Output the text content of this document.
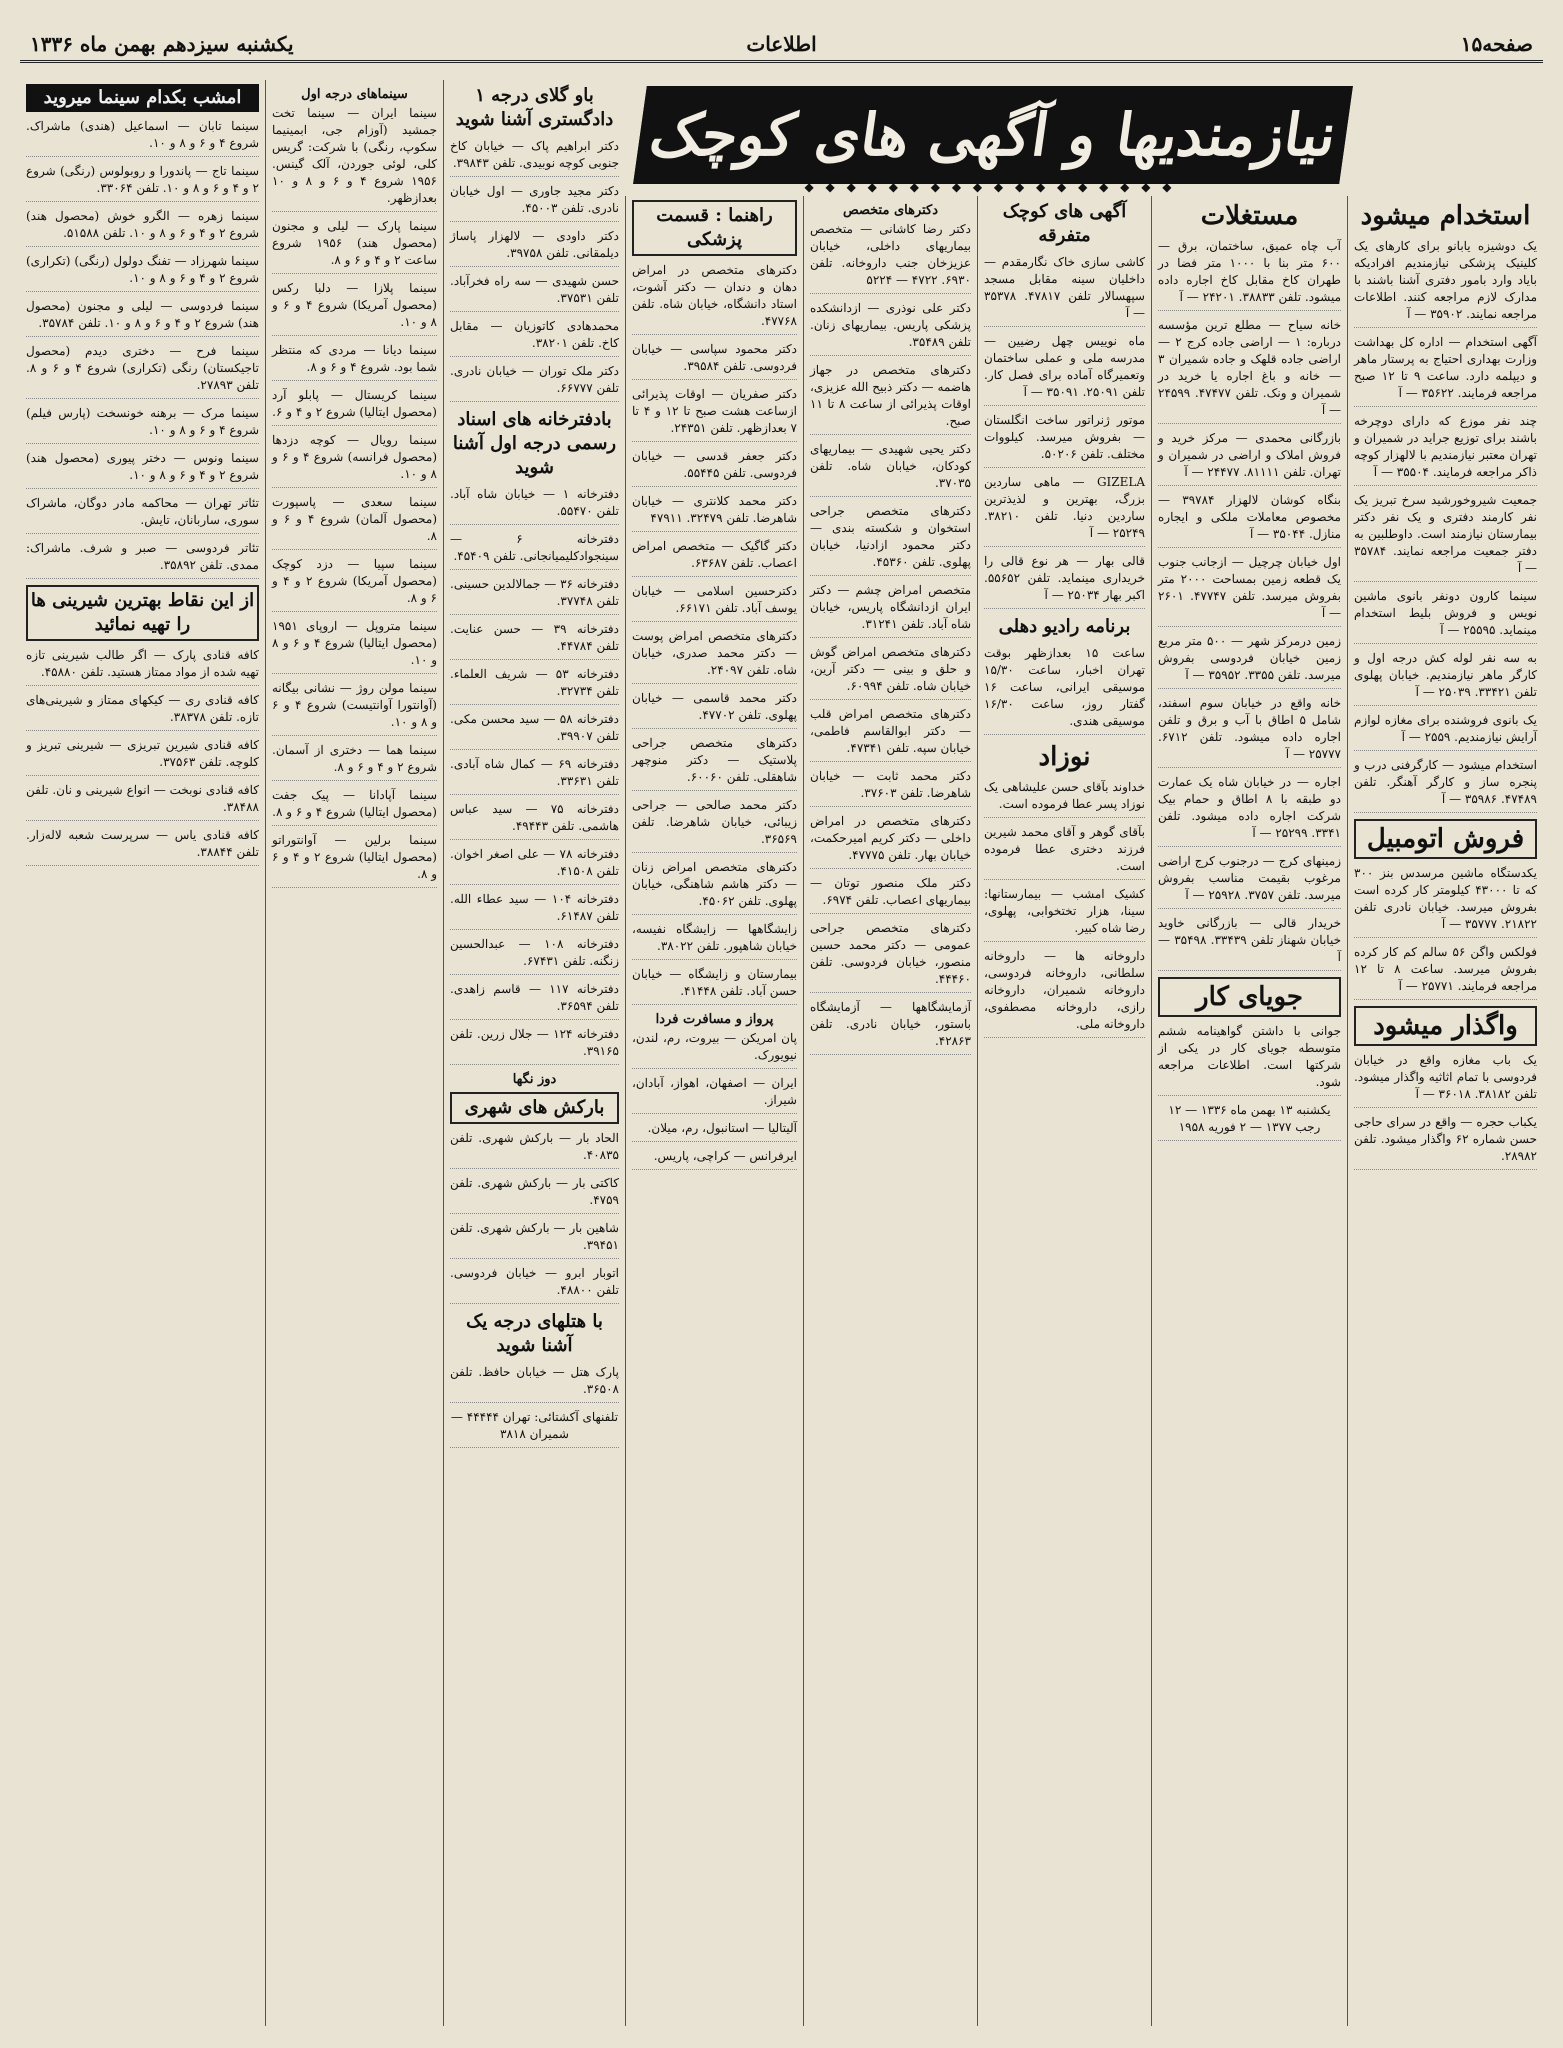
صفحه۱۵
اطلاعات
یکشنبه سیزدهم بهمن ماه ۱۳۳۶
نیازمندیها و آگهی های کوچک
◆ ◆ ◆ ◆ ◆ ◆ ◆ ◆ ◆ ◆ ◆ ◆ ◆ ◆ ◆ ◆ ◆ ◆
استخدام میشود
یک دوشیزه یابانو برای کارهای یک کلینیک پزشکی نیازمندیم افرادیکه بایاد وارد بامور دفتری آشنا باشند با مدارک لازم مراجعه کنند. اطلاعات مراجعه نمایند. ۳۵۹۰۲ — آ
آگهی استخدام — اداره کل بهداشت وزارت بهداری احتیاج به پرستار ماهر و دیپلمه دارد. ساعت ۹ تا ۱۲ صبح مراجعه فرمایند. ۳۵۶۲۲ — آ
چند نفر موزع که دارای دوچرخه باشند برای توزیع جراید در شمیران و تهران معتبر نیازمندیم با لالهزار کوچه ذاکر مراجعه فرمایند. ۳۵۵۰۴ — آ
جمعیت شیروخورشید سرخ تبریز یک نفر کارمند دفتری و یک نفر دکتر بیمارستان نیازمند است. داوطلبین به دفتر جمعیت مراجعه نمایند. ۳۵۷۸۴ — آ
سینما کارون دونفر بانوی ماشین نویس و فروش بلیط استخدام مینماید. ۲۵۵۹۵ — آ
به سه نفر لوله کش درجه اول و کارگر ماهر نیازمندیم. خیابان پهلوی تلفن ۳۳۴۲۱. ۲۵۰۳۹ — آ
یک بانوی فروشنده برای مغازه لوازم آرایش نیازمندیم. ۲۵۵۹ — آ
استخدام میشود — کارگرفنی درب و پنجره ساز و کارگر آهنگر. تلفن ۴۷۴۸۹. ۳۵۹۸۶ — آ
فروش اتومبیل
یکدستگاه ماشین مرسدس بنز ۳۰۰ که تا ۴۳۰۰۰ کیلومتر کار کرده است بفروش میرسد. خیابان نادری تلفن ۲۱۸۲۲. ۳۵۷۷۷ — آ
فولکس واگن ۵۶ سالم کم کار کرده بفروش میرسد. ساعت ۸ تا ۱۲ مراجعه فرمایند. ۲۵۷۷۱ — آ
واگذار میشود
یک باب مغازه واقع در خیابان فردوسی با تمام اثاثیه واگذار میشود. تلفن ۳۸۱۸۲. ۳۶۰۱۸ — آ
یکباب حجره — واقع در سرای حاجی حسن شماره ۶۲ واگذار میشود. تلفن ۲۸۹۸۲.
مستغلات
آب چاه عمیق، ساختمان، برق — ۶۰۰ متر بنا با ۱۰۰۰ متر فضا در طهران کاخ مقابل کاخ اجاره داده میشود. تلفن ۳۸۸۳۳. ۲۴۲۰۱ — آ
خانه سیاح — مطلع ترین مؤسسه درباره: ۱ — اراضی جاده کرج ۲ — اراضی جاده قلهک و جاده شمیران ۳ — خانه و باغ اجاره یا خرید در شمیران و ونک. تلفن ۴۷۴۷۷. ۲۴۵۹۹ — آ
بازرگانی محمدی — مرکز خرید و فروش املاک و اراضی در شمیران و تهران. تلفن ۸۱۱۱۱. ۲۴۴۷۷ — آ
بنگاه کوشان لالهزار ۳۹۷۸۴ — مخصوص معاملات ملکی و ایجاره منازل. ۳۵۰۴۴ — آ
اول خیابان چرچیل — ازجانب جنوب یک قطعه زمین بمساحت ۲۰۰۰ متر بفروش میرسد. تلفن ۴۷۷۴۷. ۲۶۰۱ — آ
زمین درمرکز شهر — ۵۰۰ متر مربع زمین خیابان فردوسی بفروش میرسد. تلفن ۳۳۵۵. ۳۵۹۵۲ — آ
خانه واقع در خیابان سوم اسفند، شامل ۵ اطاق با آب و برق و تلفن اجاره داده میشود. تلفن ۶۷۱۲. ۲۵۷۷۷ — آ
اجاره — در خیابان شاه یک عمارت دو طبقه با ۸ اطاق و حمام بیک شرکت اجاره داده میشود. تلفن ۳۳۴۱. ۲۵۲۹۹ — آ
زمینهای کرج — درجنوب کرج اراضی مرغوب بقیمت مناسب بفروش میرسد. تلفن ۳۷۵۷. ۲۵۹۲۸ — آ
خریدار قالی — بازرگانی خاوید خیابان شهناز تلفن ۳۳۴۳۹. ۳۵۴۹۸ — آ
جویای کار
جوانی با داشتن گواهینامه ششم متوسطه جویای کار در یکی از شرکتها است. اطلاعات مراجعه شود.
یکشنبه ۱۳ بهمن ماه ۱۳۳۶ — ۱۲ رجب ۱۳۷۷ — ۲ فوریه ۱۹۵۸
آگهی های کوچک متفرقه
کاشی سازی خاک نگارمقدم — داخلیان سینه مقابل مسجد سپهسالار تلفن ۴۷۸۱۷. ۳۵۳۷۸ — آ
ماه نوییس چهل رضیین — مدرسه ملی و عملی ساختمان وتعمیرگاه آماده برای فصل کار. تلفن ۲۵۰۹۱. ۳۵۰۹۱ — آ
موتور ژنراتور ساخت انگلستان — بفروش میرسد. کیلووات مختلف. تلفن ۵۰۲۰۶.
GIZELA — ماهی ساردین بزرگ، بهترین و لذیذترین ساردین دنیا. تلفن ۳۸۲۱۰. ۲۵۲۴۹ — آ
قالی بهار — هر نوع قالی را خریداری مینماید. تلفن ۵۵۶۵۲. اکبر بهار ۲۵۰۳۴ — آ
برنامه رادیو دهلی
ساعت ۱۵ بعدازظهر بوقت تهران اخبار، ساعت ۱۵/۳۰ موسیقی ایرانی، ساعت ۱۶ گفتار روز، ساعت ۱۶/۳۰ موسیقی هندی.
نوزاد
خداوند بآقای حسن علیشاهی یک نوزاد پسر عطا فرموده است.
بآقای گوهر و آقای محمد شیرین فرزند دختری عطا فرموده است.
کشیک امشب — بیمارستانها: سینا، هزار تختخوابی، پهلوی، رضا شاه کبیر.
داروخانه ها — داروخانه سلطانی، داروخانه فردوسی، داروخانه شمیران، داروخانه رازی، داروخانه مصطفوی، داروخانه ملی.
دکترهای متخصص
دکتر رضا کاشانی — متخصص بیماریهای داخلی، خیابان عزیزخان جنب داروخانه. تلفن ۶۹۳۰. ۴۷۲۲ — ۵۲۲۴
دکتر علی نوذری — ازدانشکده پزشکی پاریس. بیماریهای زنان. تلفن ۳۵۴۸۹.
دکترهای متخصص در جهاز هاضمه — دکتر ذبیح الله عزیزی، اوقات پذیرائی از ساعت ۸ تا ۱۱ صبح.
دکتر یحیی شهیدی — بیماریهای کودکان، خیابان شاه. تلفن ۳۷۰۳۵.
دکترهای متخصص جراحی استخوان و شکسته بندی — دکتر محمود ازادنیا، خیابان پهلوی. تلفن ۴۵۳۶۰.
متخصص امراض چشم — دکتر ایران ازدانشگاه پاریس، خیابان شاه آباد. تلفن ۳۱۲۴۱.
دکترهای متخصص امراض گوش و حلق و بینی — دکتر آرین، خیابان شاه. تلفن ۶۰۹۹۴.
دکترهای متخصص امراض قلب — دکتر ابوالقاسم فاطمی، خیابان سپه. تلفن ۴۷۳۴۱.
دکتر محمد ثابت — خیابان شاهرضا. تلفن ۳۷۶۰۳.
دکترهای متخصص در امراض داخلی — دکتر کریم امیرحکمت، خیابان بهار. تلفن ۴۷۷۷۵.
دکتر ملک منصور توتان — بیماریهای اعصاب. تلفن ۶۹۷۴.
دکترهای متخصص جراحی عمومی — دکتر محمد حسین منصور، خیابان فردوسی. تلفن ۴۴۴۶۰.
آزمایشگاهها — آزمایشگاه باستور، خیابان نادری. تلفن ۴۲۸۶۳.
راهنما : قسمت پزشکی
دکترهای متخصص در امراض دهان و دندان — دکتر آشوت، استاد دانشگاه، خیابان شاه. تلفن ۴۷۷۶۸.
دکتر محمود سپاسی — خیابان فردوسی. تلفن ۳۹۵۸۴.
دکتر صفریان — اوقات پذیرائی ازساعت هشت صبح تا ۱۲ و ۴ تا ۷ بعدازظهر. تلفن ۲۴۳۵۱.
دکتر جعفر قدسی — خیابان فردوسی. تلفن ۵۵۴۴۵.
دکتر محمد کلانتری — خیابان شاهرضا. تلفن ۳۲۴۷۹. ۴۷۹۱۱
دکتر گاگیک — متخصص امراض اعصاب. تلفن ۶۳۶۸۷.
دکترحسین اسلامی — خیابان یوسف آباد. تلفن ۶۶۱۷۱.
دکترهای متخصص امراض پوست — دکتر محمد صدری، خیابان شاه. تلفن ۲۴۰۹۷.
دکتر محمد قاسمی — خیابان پهلوی. تلفن ۴۷۷۰۲.
دکترهای متخصص جراحی پلاستیک — دکتر منوچهر شاهقلی. تلفن ۶۰۰۶۰.
دکتر محمد صالحی — جراحی زیبائی، خیابان شاهرضا. تلفن ۳۶۵۶۹.
دکترهای متخصص امراض زنان — دکتر هاشم شاهنگی، خیابان پهلوی. تلفن ۴۵۰۶۲.
زایشگاهها — زایشگاه نفیسه، خیابان شاهپور. تلفن ۳۸۰۲۲.
بیمارستان و زایشگاه — خیابان حسن آباد. تلفن ۴۱۴۴۸.
پرواز و مسافرت فردا
پان امریکن — بیروت، رم، لندن، نیویورک.
ایران — اصفهان، اهواز، آبادان، شیراز.
آلیتالیا — استانبول، رم، میلان.
ایرفرانس — کراچی، پاریس.
باو گلای درجه ۱ دادگستری آشنا شوید
دکتر ابراهیم پاک — خیابان کاخ جنوبی کوچه نوبیدی. تلفن ۳۹۸۴۳.
دکتر مجید جاوری — اول خیابان نادری. تلفن ۴۵۰۰۳.
دکتر داودی — لالهزار پاساژ دیلمقانی. تلفن ۳۹۷۵۸.
حسن شهیدی — سه راه فخرآباد. تلفن ۳۷۵۳۱.
محمدهادی کاتوزیان — مقابل کاخ. تلفن ۳۸۲۰۱.
دکتر ملک توران — خیابان نادری. تلفن ۶۶۷۷۷.
بادفترخانه های اسناد رسمی درجه اول آشنا شوید
دفترخانه ۱ — خیابان شاه آباد. تلفن ۵۵۴۷۰.
دفترخانه ۶ — سینجوادکلیمیانجانی. تلفن ۴۵۴۰۹.
دفترخانه ۳۶ — جمالالدین حسینی. تلفن ۳۷۷۴۸.
دفترخانه ۳۹ — حسن عنایت. تلفن ۴۴۷۸۴.
دفترخانه ۵۳ — شریف العلماء. تلفن ۳۲۷۳۴.
دفترخانه ۵۸ — سید محسن مکی. تلفن ۳۹۹۰۷.
دفترخانه ۶۹ — کمال شاه آبادی. تلفن ۳۳۶۳۱.
دفترخانه ۷۵ — سید عباس هاشمی. تلفن ۴۹۴۴۳.
دفترخانه ۷۸ — علی اصغر اخوان. تلفن ۴۱۵۰۸.
دفترخانه ۱۰۴ — سید عطاء الله. تلفن ۶۱۴۸۷.
دفترخانه ۱۰۸ — عبدالحسین زنگنه. تلفن ۶۷۴۳۱.
دفترخانه ۱۱۷ — قاسم زاهدی. تلفن ۳۶۵۹۴.
دفترخانه ۱۲۴ — جلال زرین. تلفن ۳۹۱۶۵.
دوز نگها
بارکش های شهری
الحاد بار — بارکش شهری. تلفن ۴۰۸۳۵.
کاکتی بار — بارکش شهری. تلفن ۴۷۵۹.
شاهین بار — بارکش شهری. تلفن ۳۹۴۵۱.
اتوبار ابرو — خیابان فردوسی. تلفن ۴۸۸۰۰.
با هتلهای درجه یک آشنا شوید
پارک هتل — خیابان حافظ. تلفن ۳۶۵۰۸.
تلفنهای آکشتائی: تهران ۴۴۴۴۴ — شمیران ۳۸۱۸
سینماهای درجه اول
سینما ایران — سینما تخت جمشید (آوزام جی، ابمینیما سکوپ، رنگی) با شرکت: گریس کلی، لوئی جوردن، آلک گینس. ۱۹۵۶ شروع ۴ و ۶ و ۸ و ۱۰ بعدازظهر.
سینما پارک — لیلی و مجنون (محصول هند) ۱۹۵۶ شروع ساعت ۲ و ۴ و ۶ و ۸.
سینما پلازا — دلبا رکس (محصول آمریکا) شروع ۴ و ۶ و ۸ و ۱۰.
سینما دیانا — مردی که منتظر شما بود. شروع ۴ و ۶ و ۸.
سینما کریستال — پابلو آرد (محصول ایتالیا) شروع ۲ و ۴ و ۶.
سینما رویال — کوچه دزدها (محصول فرانسه) شروع ۴ و ۶ و ۸ و ۱۰.
سینما سعدی — پاسپورت (محصول آلمان) شروع ۴ و ۶ و ۸.
سینما سپیا — دزد کوچک (محصول آمریکا) شروع ۲ و ۴ و ۶ و ۸.
سینما متروپل — اروپای ۱۹۵۱ (محصول ایتالیا) شروع ۴ و ۶ و ۸ و ۱۰.
سینما مولن روژ — نشانی بیگانه (آوانتورا آوانتیست) شروع ۴ و ۶ و ۸ و ۱۰.
سینما هما — دختری از آسمان. شروع ۲ و ۴ و ۶ و ۸.
سینما آپادانا — پیک جفت (محصول ایتالیا) شروع ۴ و ۶ و ۸.
سینما برلین — آوانتوراتو (محصول ایتالیا) شروع ۲ و ۴ و ۶ و ۸.
امشب بکدام سینما میروید
سینما تابان — اسماعیل (هندی) ماشراک. شروع ۴ و ۶ و ۸ و ۱۰.
سینما تاج — پاندورا و روبولوس (رنگی) شروع ۲ و ۴ و ۶ و ۸ و ۱۰. تلفن ۳۳۰۶۴.
سینما زهره — الگرو خوش (محصول هند) شروع ۲ و ۴ و ۶ و ۸ و ۱۰. تلفن ۵۱۵۸۸.
سینما شهرزاد — تفنگ دولول (رنگی) (تکراری) شروع ۲ و ۴ و ۶ و ۸ و ۱۰.
سینما فردوسی — لیلی و مجنون (محصول هند) شروع ۲ و ۴ و ۶ و ۸ و ۱۰. تلفن ۳۵۷۸۴.
سینما فرح — دختری دیدم (محصول تاجیکستان) رنگی (تکراری) شروع ۴ و ۶ و ۸. تلفن ۲۷۸۹۳.
سینما مرک — برهنه خونسخت (پارس فیلم) شروع ۴ و ۶ و ۸ و ۱۰.
سینما ونوس — دختر پیوری (محصول هند) شروع ۲ و ۴ و ۶ و ۸ و ۱۰.
تئاتر تهران — محاکمه مادر دوگان، ماشراک سوری، ساربانان، تایش.
تئاتر فردوسی — صبر و شرف. ماشراک: ممدی. تلفن ۳۵۸۹۲.
از این نقاط بهترین شیرینی ها را تهیه نمائید
کافه قنادی پارک — اگر طالب شیرینی تازه تهیه شده از مواد ممتاز هستید. تلفن ۴۵۸۸۰.
کافه قنادی ری — کیکهای ممتاز و شیرینی‌های تازه. تلفن ۳۸۳۷۸.
کافه قنادی شیرین تبریزی — شیرینی تبریز و کلوچه. تلفن ۳۷۵۶۳.
کافه قنادی نوبخت — انواع شیرینی و نان. تلفن ۳۸۴۸۸.
کافه قنادی یاس — سرپرست شعبه لاله‌زار. تلفن ۳۸۸۴۴.
